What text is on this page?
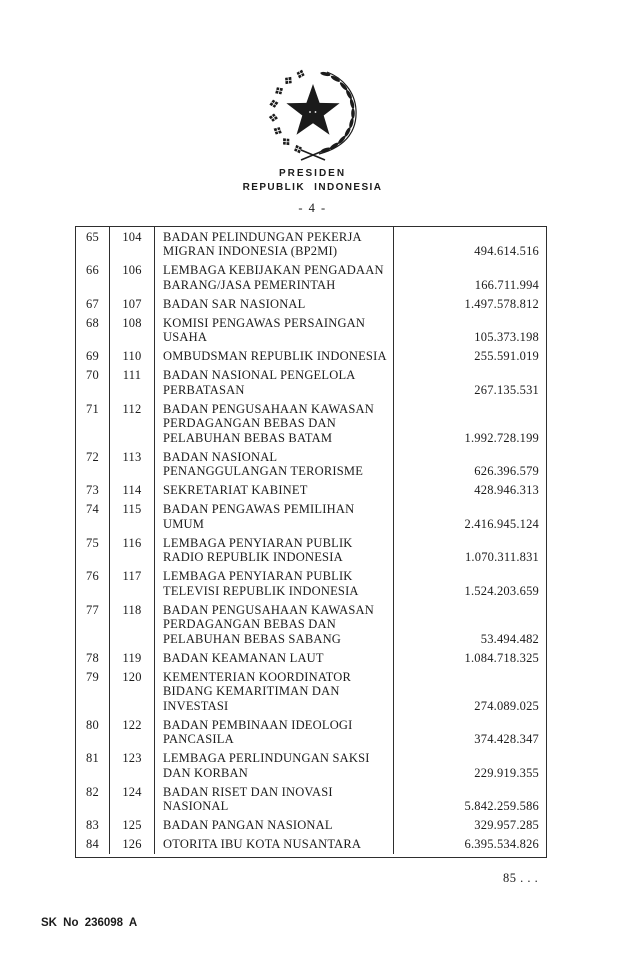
PRESIDEN
REPUBLIK INDONESIA
- 4 -
65	104	BADAN PELINDUNGAN PEKERJA
MIGRAN INDONESIA (BP2MI)	494.614.516
66	106	LEMBAGA KEBIJAKAN PENGADAAN
BARANG/JASA PEMERINTAH	166.711.994
67	107	BADAN SAR NASIONAL	1.497.578.812
68	108	KOMISI PENGAWAS PERSAINGAN
USAHA	105.373.198
69	110	OMBUDSMAN REPUBLIK INDONESIA	255.591.019
70	111	BADAN NASIONAL PENGELOLA
PERBATASAN	267.135.531
71	112	BADAN PENGUSAHAAN KAWASAN
PERDAGANGAN BEBAS DAN
PELABUHAN BEBAS BATAM	1.992.728.199
72	113	BADAN NASIONAL
PENANGGULANGAN TERORISME	626.396.579
73	114	SEKRETARIAT KABINET	428.946.313
74	115	BADAN PENGAWAS PEMILIHAN
UMUM	2.416.945.124
75	116	LEMBAGA PENYIARAN PUBLIK
RADIO REPUBLIK INDONESIA	1.070.311.831
76	117	LEMBAGA PENYIARAN PUBLIK
TELEVISI REPUBLIK INDONESIA	1.524.203.659
77	118	BADAN PENGUSAHAAN KAWASAN
PERDAGANGAN BEBAS DAN
PELABUHAN BEBAS SABANG	53.494.482
78	119	BADAN KEAMANAN LAUT	1.084.718.325
79	120	KEMENTERIAN KOORDINATOR
BIDANG KEMARITIMAN DAN
INVESTASI	274.089.025
80	122	BADAN PEMBINAAN IDEOLOGI
PANCASILA	374.428.347
81	123	LEMBAGA PERLINDUNGAN SAKSI
DAN KORBAN	229.919.355
82	124	BADAN RISET DAN INOVASI
NASIONAL	5.842.259.586
83	125	BADAN PANGAN NASIONAL	329.957.285
84	126	OTORITA IBU KOTA NUSANTARA	6.395.534.826
85 . . .
SK No 236098 A
